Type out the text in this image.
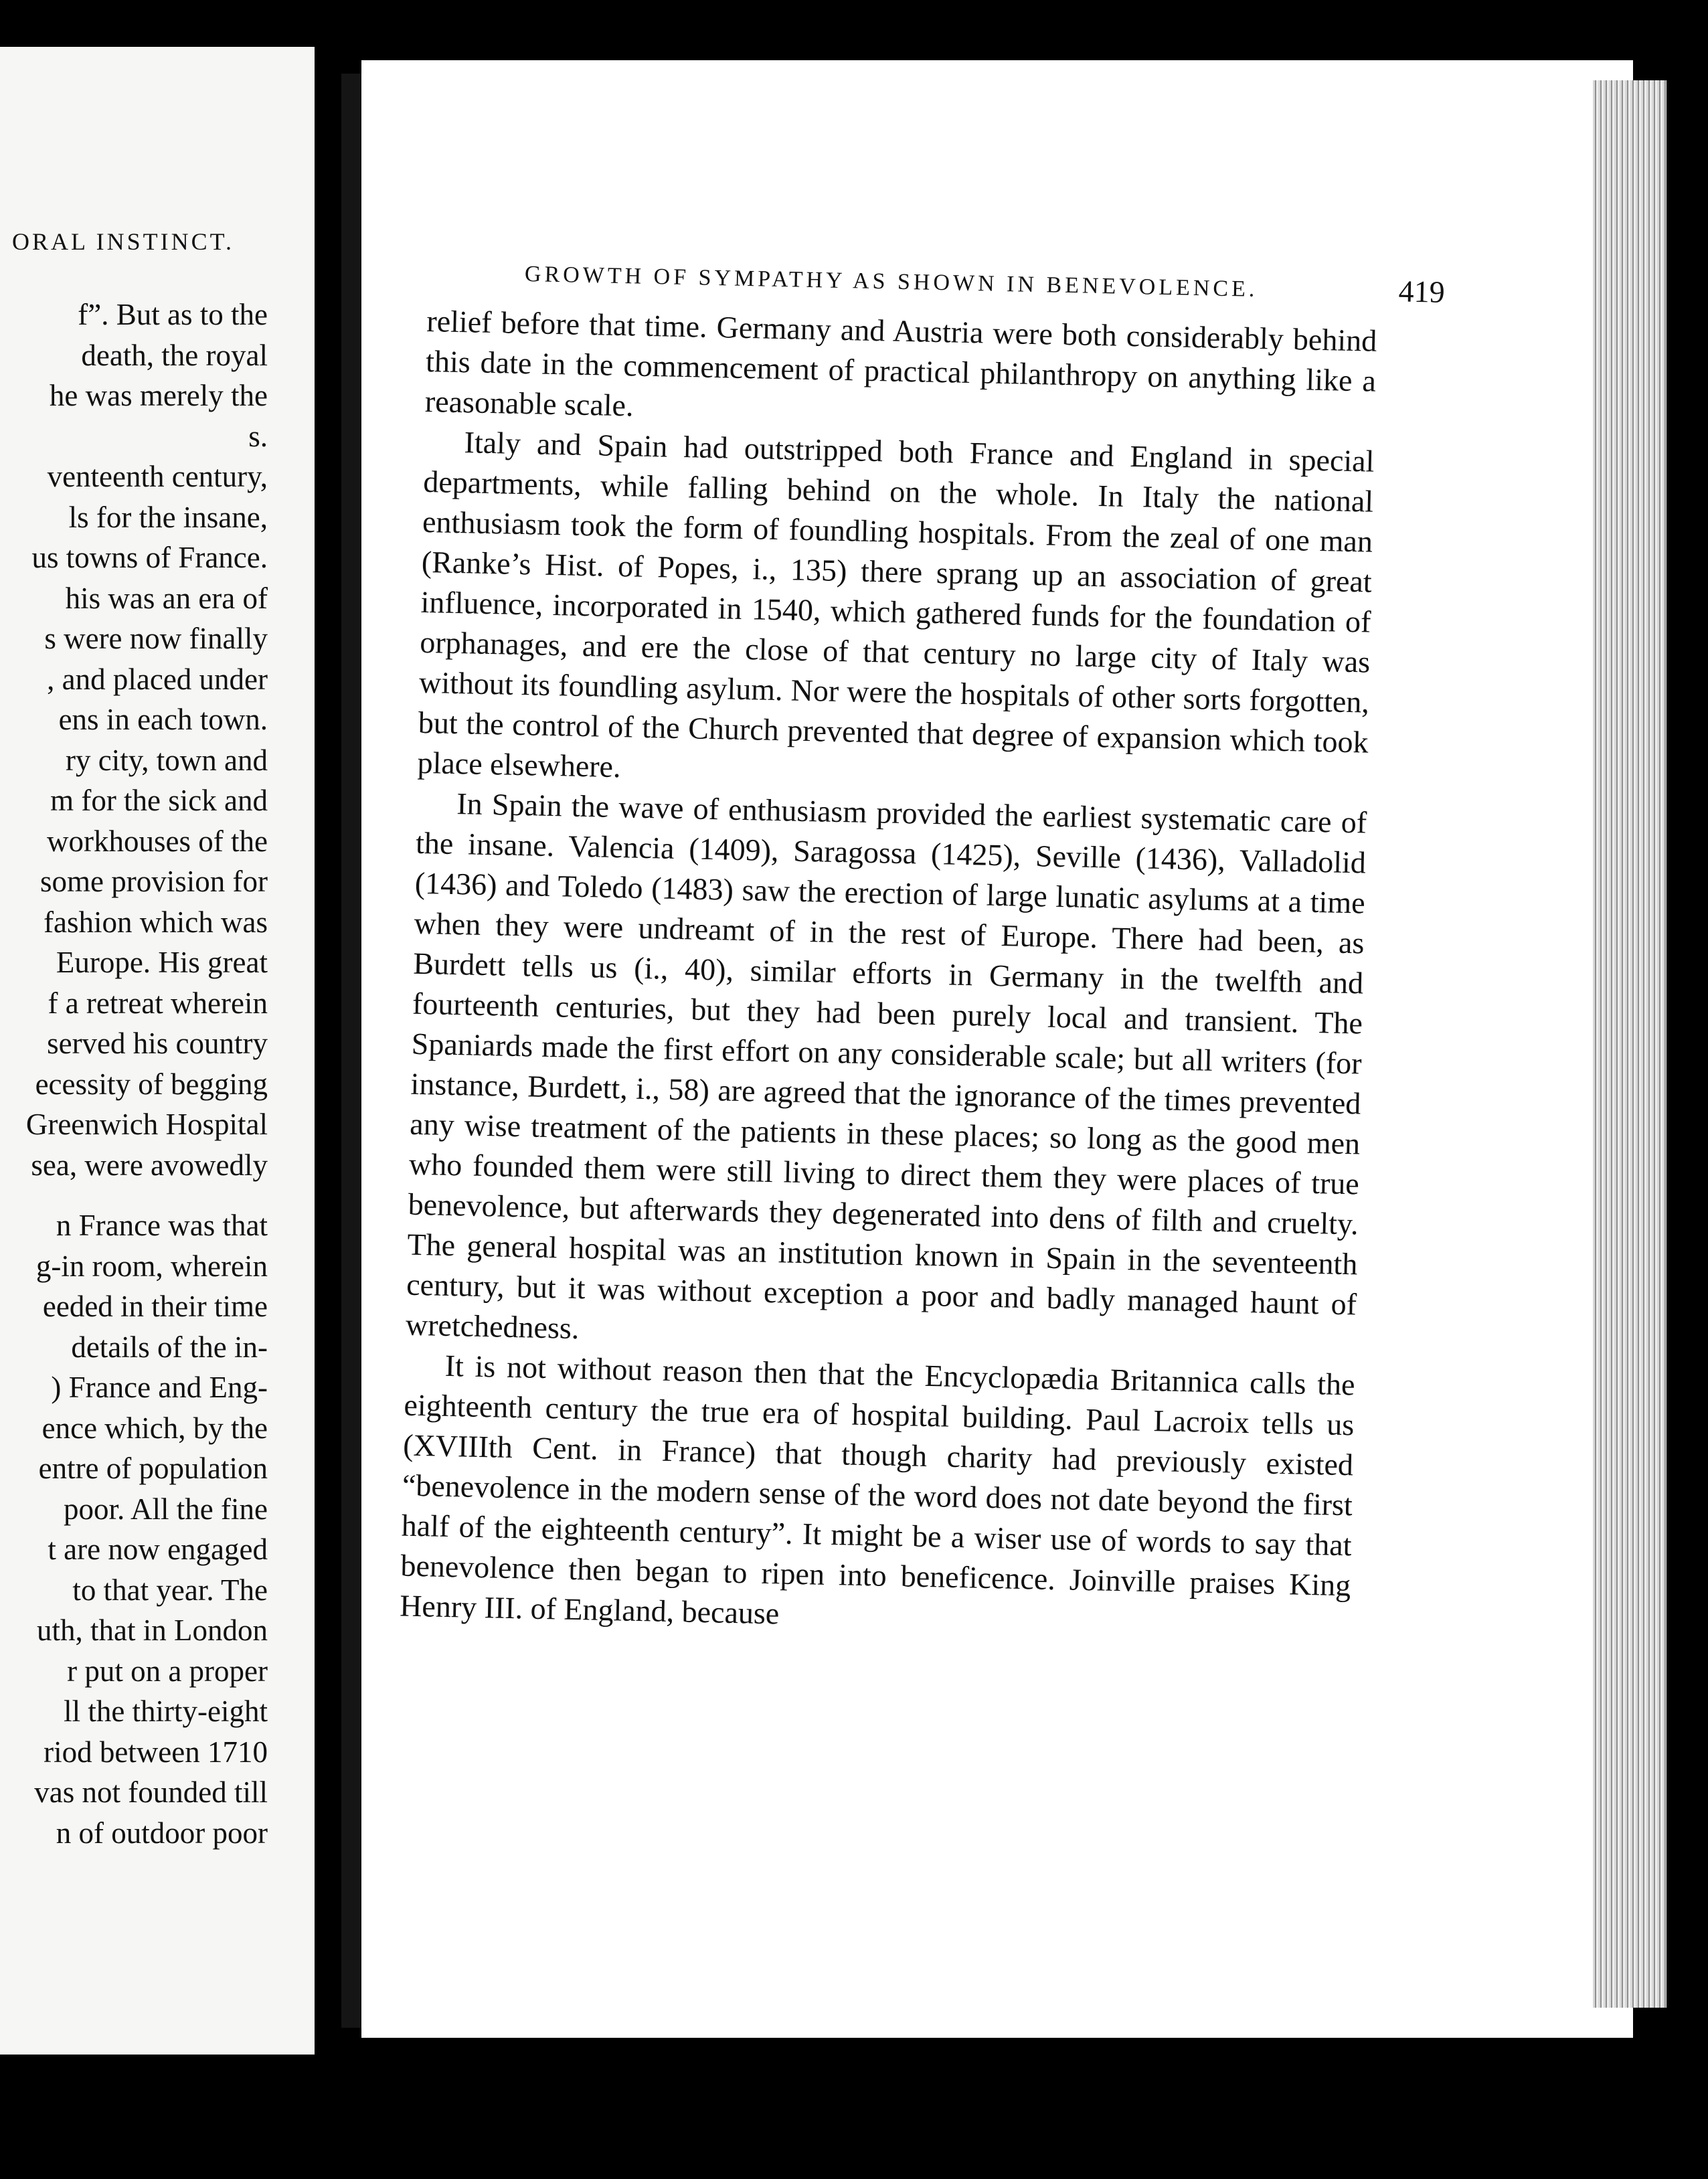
ORAL INSTINCT.
f”. But as to the
death, the royal
he was merely the
s.
venteenth century,
ls for the insane,
us towns of France.
his was an era of
s were now finally
, and placed under
ens in each town.
ry city, town and
m for the sick and
workhouses of the
some provision for
fashion which was
Europe. His great
f a retreat wherein
served his country
ecessity of begging
Greenwich Hospital
sea, were avowedly
n France was that
g-in room, wherein
eeded in their time
details of the in-
) France and Eng-
ence which, by the
entre of population
poor. All the fine
t are now engaged
to that year. The
uth, that in London
r put on a proper
ll the thirty-eight
riod between 1710
vas not founded till
n of outdoor poor
GROWTH OF SYMPATHY AS SHOWN IN BENEVOLENCE.	419

relief before that time. Germany and Austria were both considerably behind this date in the commencement of practical philanthropy on anything like a reasonable scale.

Italy and Spain had outstripped both France and England in special departments, while falling behind on the whole. In Italy the national enthusiasm took the form of foundling hospitals. From the zeal of one man (Ranke’s Hist. of Popes, i., 135) there sprang up an association of great influence, incorporated in 1540, which gathered funds for the foundation of orphanages, and ere the close of that century no large city of Italy was without its foundling asylum. Nor were the hospitals of other sorts forgotten, but the control of the Church prevented that degree of expansion which took place elsewhere.

In Spain the wave of enthusiasm provided the earliest systematic care of the insane. Valencia (1409), Saragossa (1425), Seville (1436), Valladolid (1436) and Toledo (1483) saw the erection of large lunatic asylums at a time when they were undreamt of in the rest of Europe. There had been, as Burdett tells us (i., 40), similar efforts in Germany in the twelfth and fourteenth centuries, but they had been purely local and transient. The Spaniards made the first effort on any considerable scale; but all writers (for instance, Burdett, i., 58) are agreed that the ignorance of the times prevented any wise treatment of the patients in these places; so long as the good men who founded them were still living to direct them they were places of true benevolence, but afterwards they degenerated into dens of filth and cruelty. The general hospital was an institution known in Spain in the seventeenth century, but it was without exception a poor and badly managed haunt of wretchedness.

It is not without reason then that the Encyclopædia Britannica calls the eighteenth century the true era of hospital building. Paul Lacroix tells us (XVIIIth Cent. in France) that though charity had previously existed “benevolence in the modern sense of the word does not date beyond the first half of the eighteenth century”. It might be a wiser use of words to say that benevolence then began to ripen into beneficence. Joinville praises King Henry III. of England, because
